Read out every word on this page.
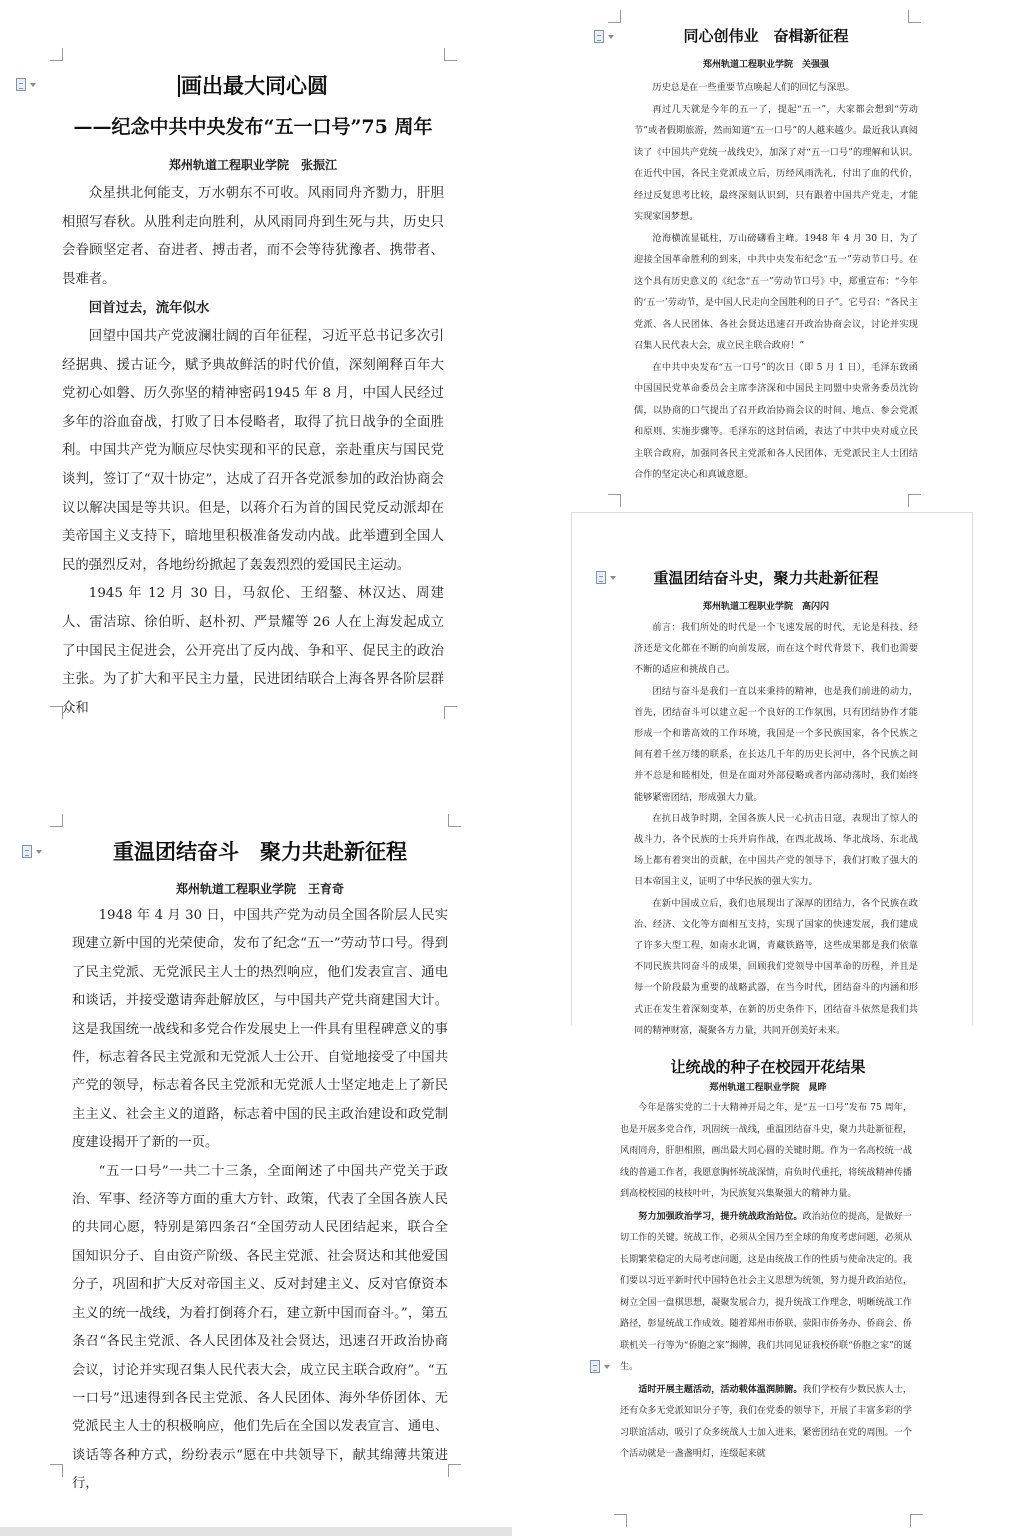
画出最大同心圆
——纪念中共中央发布“五一口号”75 周年
郑州轨道工程职业学院　张振江

众星拱北何能支，万水朝东不可收。风雨同舟齐勠力，肝胆相照写春秋。从胜利走向胜利，从风雨同舟到生死与共，历史只会眷顾坚定者、奋进者、搏击者，而不会等待犹豫者、携带者、畏难者。

回首过去，流年似水

回望中国共产党波澜壮阔的百年征程，习近平总书记多次引经据典、援古证今，赋予典故鲜活的时代价值，深刻阐释百年大党初心如磐、历久弥坚的精神密码1945 年 8 月，中国人民经过多年的浴血奋战，打败了日本侵略者，取得了抗日战争的全面胜利。中国共产党为顺应尽快实现和平的民意，亲赴重庆与国民党谈判，签订了“双十协定”，达成了召开各党派参加的政治协商会议以解决国是等共识。但是，以蒋介石为首的国民党反动派却在美帝国主义支持下，暗地里积极准备发动内战。此举遭到全国人民的强烈反对，各地纷纷掀起了轰轰烈烈的爱国民主运动。

1945 年 12 月 30 日，马叙伦、王绍鏊、林汉达、周建人、雷洁琼、徐伯昕、赵朴初、严景耀等 26 人在上海发起成立了中国民主促进会，公开亮出了反内战、争和平、促民主的政治主张。为了扩大和平民主力量，民进团结联合上海各界各阶层群众和

同心创伟业　奋楫新征程
郑州轨道工程职业学院　关强强

历史总是在一些重要节点唤起人们的回忆与深思。

再过几天就是今年的五一了，提起“五一”，大家都会想到“劳动节”或者假期旅游，然而知道“五一口号”的人越来越少。最近我认真阅读了《中国共产党统一战线史》，加深了对“五一口号”的理解和认识。在近代中国，各民主党派成立后，历经风雨洗礼，付出了血的代价，经过反复思考比较，最终深刻认识到，只有跟着中国共产党走，才能实现家国梦想。

沧海横流显砥柱，万山磅礴看主峰。1948 年 4 月 30 日，为了迎接全国革命胜利的到来，中共中央发布纪念“五一”劳动节口号。在这个具有历史意义的《纪念“五一”劳动节口号》中，郑重宣布：“今年的‘五一’劳动节，是中国人民走向全国胜利的日子”。它号召：“各民主党派、各人民团体、各社会贤达迅速召开政治协商会议，讨论并实现召集人民代表大会，成立民主联合政府！”

在中共中央发布“五一口号”的次日（即 5 月 1 日），毛泽东致函中国国民党革命委员会主席李济深和中国民主同盟中央常务委员沈钧儒，以协商的口气提出了召开政治协商会议的时间、地点、参会党派和原则、实施步骤等。毛泽东的这封信函，表达了中共中央对成立民主联合政府，加强同各民主党派和各人民团体、无党派民主人士团结合作的坚定决心和真诚意愿。

重温团结奋斗史，聚力共赴新征程
郑州轨道工程职业学院　高闪闪

前言：我们所处的时代是一个飞速发展的时代，无论是科技、经济还是文化都在不断的向前发展，而在这个时代背景下，我们也需要不断的适应和挑战自己。

团结与奋斗是我们一直以来秉持的精神，也是我们前进的动力，首先，团结奋斗可以建立起一个良好的工作氛围，只有团结协作才能形成一个和谐高效的工作环境，我国是一个多民族国家，各个民族之间有着千丝万缕的联系，在长达几千年的历史长河中，各个民族之间并不总是和睦相处，但是在面对外部侵略或者内部动荡时，我们始终能够紧密团结，形成强大力量。

在抗日战争时期，全国各族人民一心抗击日寇，表现出了惊人的战斗力，各个民族的士兵并肩作战，在西北战场、华北战场、东北战场上都有着突出的贡献，在中国共产党的领导下，我们打败了强大的日本帝国主义，证明了中华民族的强大实力。

在新中国成立后，我们也展现出了深厚的团结力，各个民族在政治、经济、文化等方面相互支持，实现了国家的快速发展，我们建成了许多大型工程，如南水北调，青藏铁路等，这些成果都是我们依靠不同民族共同奋斗的成果，回顾我们党领导中国革命的历程，并且是每一个阶段最为重要的战略武器，在当今时代，团结奋斗的内涵和形式正在发生着深刻变革，在新的历史条件下，团结奋斗依然是我们共同的精神财富，凝聚各方力量，共同开创美好未来。

重温团结奋斗　聚力共赴新征程
郑州轨道工程职业学院　王育奇

1948 年 4 月 30 日，中国共产党为动员全国各阶层人民实现建立新中国的光荣使命，发布了纪念“五一”劳动节口号。得到了民主党派、无党派民主人士的热烈响应，他们发表宣言、通电和谈话，并接受邀请奔赴解放区，与中国共产党共商建国大计。这是我国统一战线和多党合作发展史上一件具有里程碑意义的事件，标志着各民主党派和无党派人士公开、自觉地接受了中国共产党的领导，标志着各民主党派和无党派人士坚定地走上了新民主主义、社会主义的道路，标志着中国的民主政治建设和政党制度建设揭开了新的一页。

“五一口号”一共二十三条，全面阐述了中国共产党关于政治、军事、经济等方面的重大方针、政策，代表了全国各族人民的共同心愿，特别是第四条召“全国劳动人民团结起来，联合全国知识分子、自由资产阶级、各民主党派、社会贤达和其他爱国分子，巩固和扩大反对帝国主义、反对封建主义、反对官僚资本主义的统一战线，为着打倒蒋介石，建立新中国而奋斗。”，第五条召“各民主党派、各人民团体及社会贤达，迅速召开政治协商会议，讨论并实现召集人民代表大会，成立民主联合政府”。“五一口号”迅速得到各民主党派、各人民团体、海外华侨团体、无党派民主人士的积极响应，他们先后在全国以发表宣言、通电、谈话等各种方式，纷纷表示“愿在中共领导下，献其绵薄共策进行，

让统战的种子在校园开花结果
郑州轨道工程职业学院　晁晔

今年是落实党的二十大精神开局之年，是“五一口号”发布 75 周年，也是开展多党合作，巩固统一战线，重温团结奋斗史，聚力共赴新征程，风雨同舟，肝胆相照，画出最大同心圆的关键时期。作为一名高校统一战线的普通工作者，我愿意胸怀统战深情，肩负时代重托，将统战精神传播到高校校园的枝枝叶叶，为民族复兴集聚强大的精神力量。

努力加强政治学习，提升统战政治站位。政治站位的提高，是做好一切工作的关键。统战工作，必须从全国乃至全球的角度考虑问题，必须从长期繁荣稳定的大局考虑问题，这是由统战工作的性质与使命决定的。我们要以习近平新时代中国特色社会主义思想为统领，努力提升政治站位，树立全国一盘棋思想，凝聚发展合力，提升统战工作理念，明晰统战工作路径，彰显统战工作成效。随着郑州市侨联、荥阳市侨务办、侨商会、侨联机关一行等为“侨胞之家”揭牌，我们共同见证我校侨联“侨胞之家”的诞生。

适时开展主题活动，活动载体温润肺腑。我们学校有少数民族人士，还有众多无党派知识分子等，我们在党委的领导下，开展了丰富多彩的学习联谊活动，吸引了众多统战人士加入进来，紧密团结在党的周围。一个个活动就是一盏盏明灯，连缀起来就
